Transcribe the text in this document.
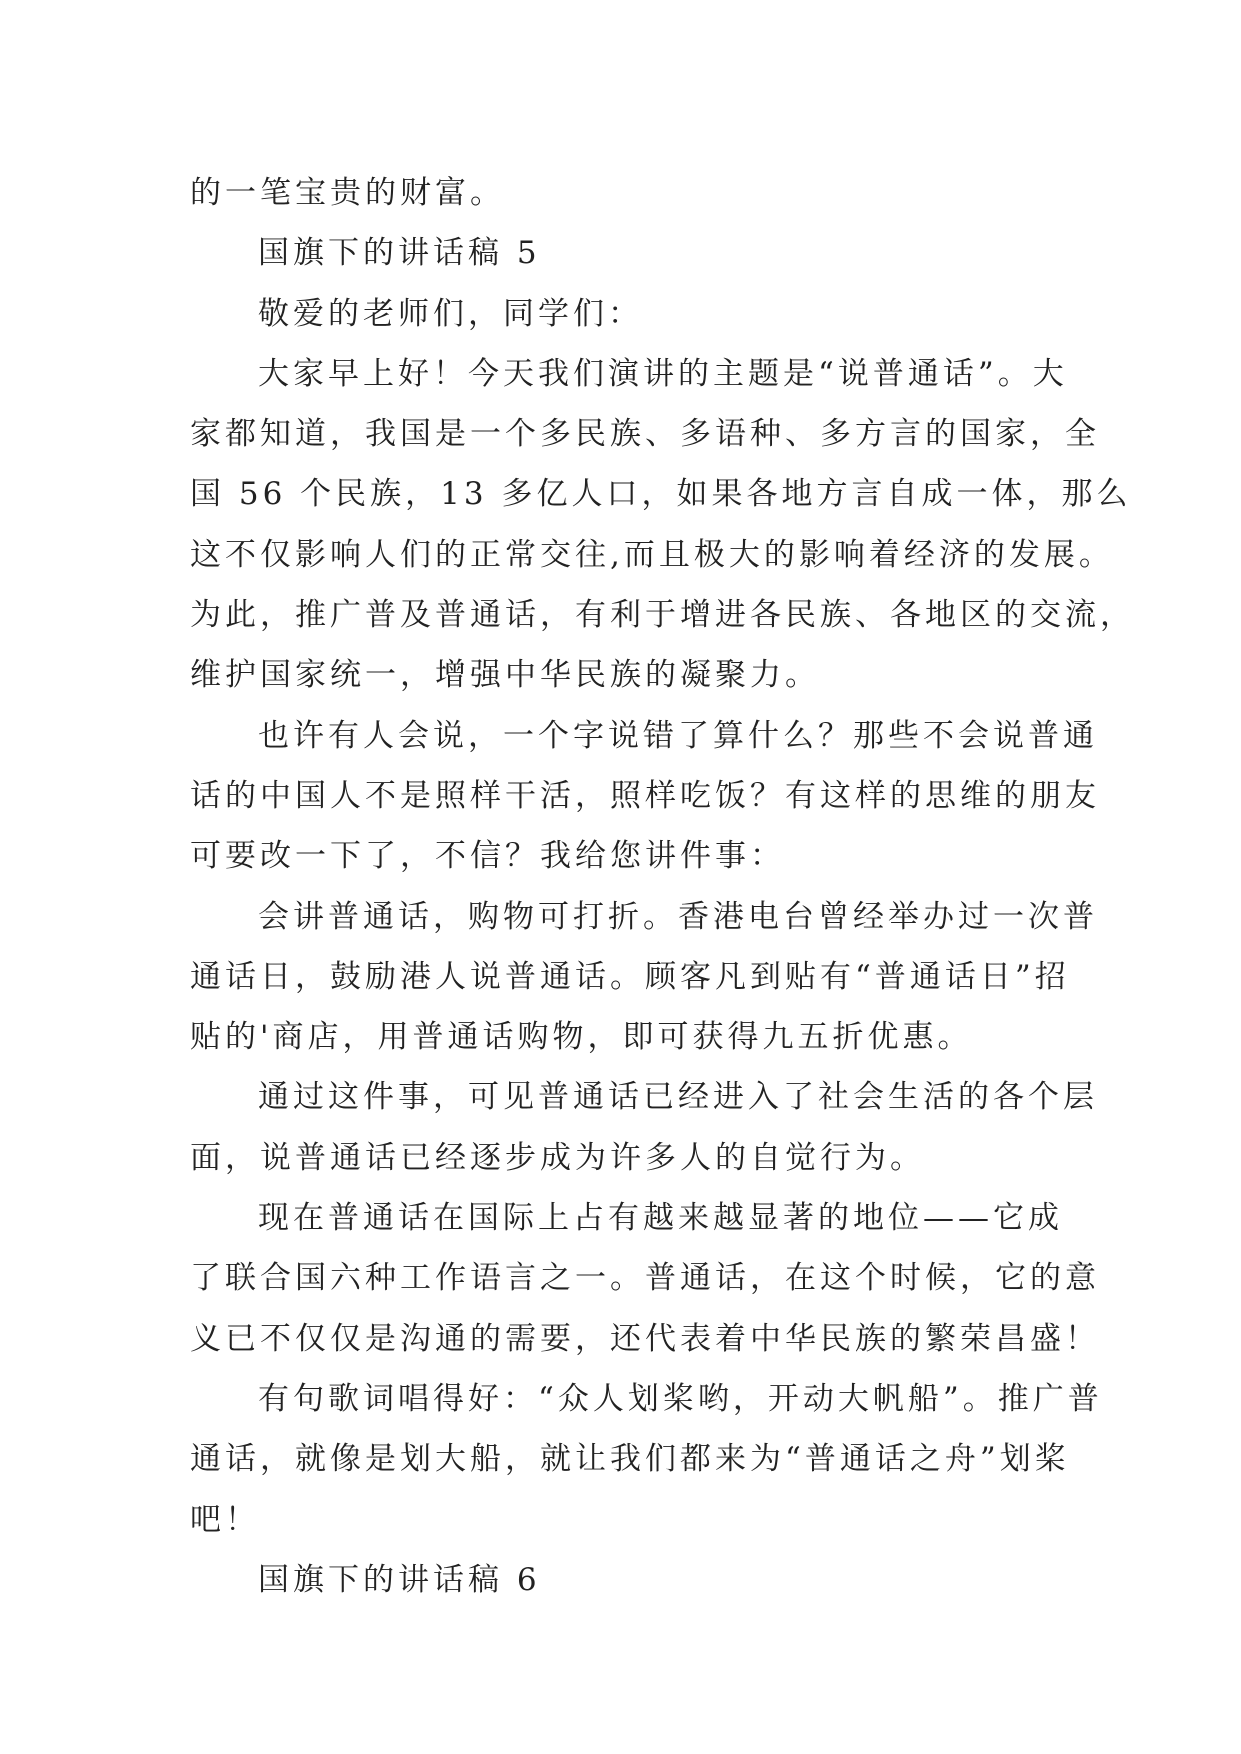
的一笔宝贵的财富。
国旗下的讲话稿 5
敬爱的老师们，同学们：
大家早上好！今天我们演讲的主题是“说普通话”。大
家都知道，我国是一个多民族、多语种、多方言的国家，全
国 56 个民族，13 多亿人口，如果各地方言自成一体，那么
这不仅影响人们的正常交往,而且极大的影响着经济的发展。
为此，推广普及普通话，有利于增进各民族、各地区的交流，
维护国家统一，增强中华民族的凝聚力。
也许有人会说，一个字说错了算什么？那些不会说普通
话的中国人不是照样干活，照样吃饭？有这样的思维的朋友
可要改一下了，不信？我给您讲件事：
会讲普通话，购物可打折。香港电台曾经举办过一次普
通话日，鼓励港人说普通话。顾客凡到贴有“普通话日”招
贴的'商店，用普通话购物，即可获得九五折优惠。
通过这件事，可见普通话已经进入了社会生活的各个层
面，说普通话已经逐步成为许多人的自觉行为。
现在普通话在国际上占有越来越显著的地位——它成
了联合国六种工作语言之一。普通话，在这个时候，它的意
义已不仅仅是沟通的需要，还代表着中华民族的繁荣昌盛！
有句歌词唱得好：“众人划桨哟，开动大帆船”。推广普
通话，就像是划大船，就让我们都来为“普通话之舟”划桨
吧！
国旗下的讲话稿 6
